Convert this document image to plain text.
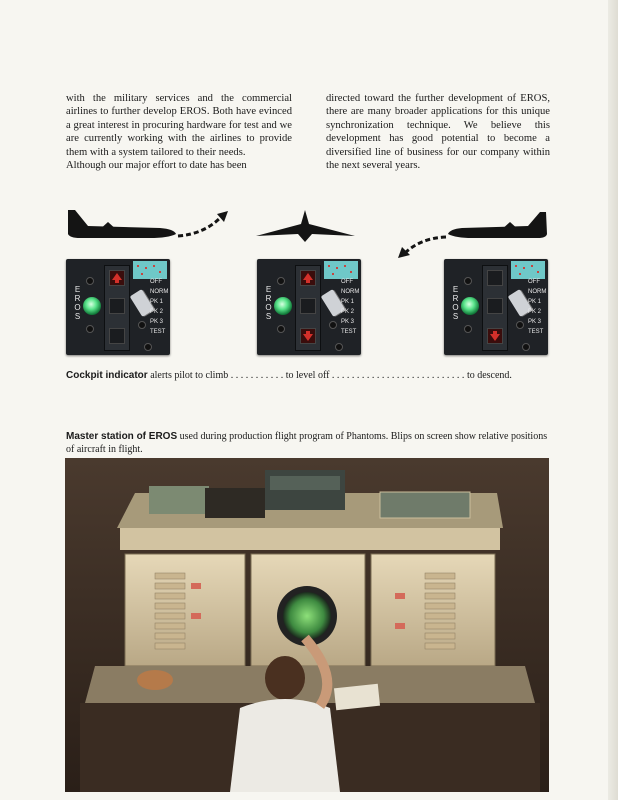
with the military services and the commercial airlines to further develop EROS. Both have evinced a great interest in procuring hardware for test and we are currently working with the airlines to provide them with a system tailored to their needs.

Although our major effort to date has been

directed toward the further development of EROS, there are many broader applications for this unique synchronization technique. We believe this development has good potential to become a diversified line of business for our company within the next several years.

EROS
OFF
NORM
PK 1
PK 2
PK 3
TEST
EROS
OFF
NORM
PK 1
PK 2
PK 3
TEST
EROS
OFF
NORM
PK 1
PK 2
PK 3
TEST
Cockpit indicator alerts pilot to climb . . . . . . . . . . . to level off . . . . . . . . . . . . . . . . . . . . . . . . . . . to descend.
Master station of EROS used during production flight program of Phantoms. Blips on screen show relative positions of aircraft in flight.
